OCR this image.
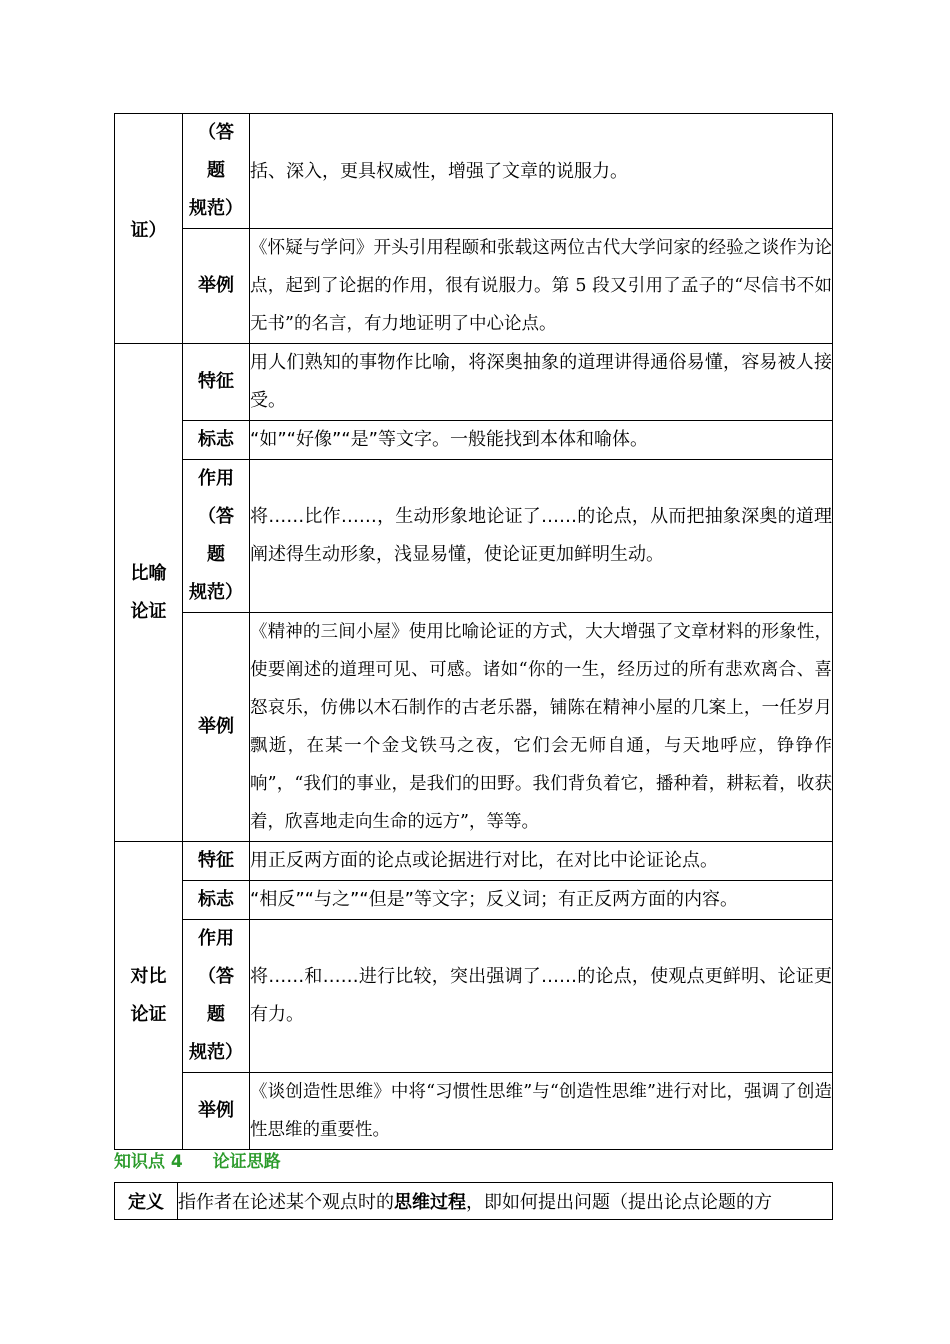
证）	（答
题
规范）	括、深入，更具权威性，增强了文章的说服力。

	举例	《怀疑与学问》开头引用程颐和张载这两位古代大学问家的经验之谈作为论点，起到了论据的作用，很有说服力。第 5 段又引用了孟子的“尽信书不如无书”的名言，有力地证明了中心论点。

比喻
论证	特征	用人们熟知的事物作比喻，将深奥抽象的道理讲得通俗易懂，容易被人接受。

	标志	“如”“好像”“是”等文字。一般能找到本体和喻体。

	作用
（答
题
规范）	将……比作……，生动形象地论证了……的论点，从而把抽象深奥的道理阐述得生动形象，浅显易懂，使论证更加鲜明生动。

	举例	《精神的三间小屋》使用比喻论证的方式，大大增强了文章材料的形象性，使要阐述的道理可见、可感。诸如“你的一生，经历过的所有悲欢离合、喜怒哀乐，仿佛以木石制作的古老乐器，铺陈在精神小屋的几案上，一任岁月飘逝，在某一个金戈铁马之夜，它们会无师自通，与天地呼应，铮铮作响”，“我们的事业，是我们的田野。我们背负着它，播种着，耕耘着，收获着，欣喜地走向生命的远方”，等等。

对比
论证	特征	用正反两方面的论点或论据进行对比，在对比中论证论点。

	标志	“相反”“与之”“但是”等文字；反义词；有正反两方面的内容。

	作用
（答
题
规范）	将……和……进行比较，突出强调了……的论点，使观点更鲜明、论证更有力。

	举例	《谈创造性思维》中将“习惯性思维”与“创造性思维”进行对比，强调了创造性思维的重要性。
知识点 4 论证思路
定义	指作者在论述某个观点时的思维过程，即如何提出问题（提出论点论题的方
